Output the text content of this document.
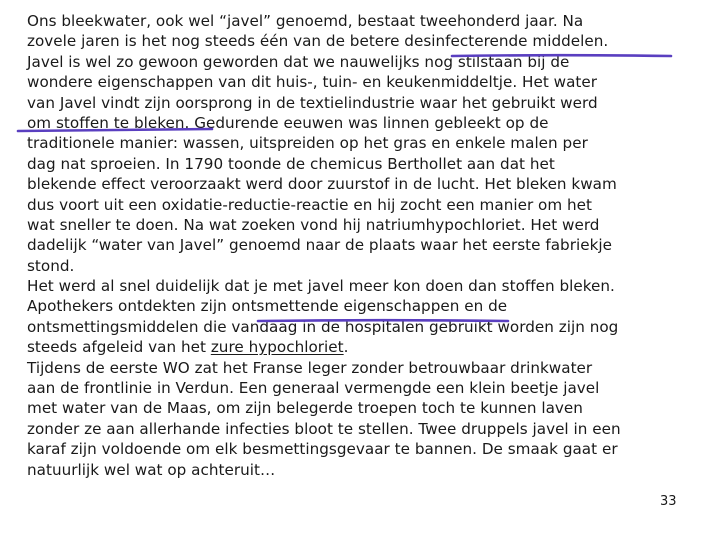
Ons bleekwater, ook wel “javel” genoemd, bestaat tweehonderd jaar. Na
zovele jaren is het nog steeds één van de betere desinfecterende middelen.
Javel is wel zo gewoon geworden dat we nauwelijks nog stilstaan bij de
wondere eigenschappen van dit huis-, tuin- en keukenmiddeltje. Het water
van Javel vindt zijn oorsprong in de textielindustrie waar het gebruikt werd
om stoffen te bleken. Gedurende eeuwen was linnen gebleekt op de
traditionele manier: wassen, uitspreiden op het gras en enkele malen per
dag nat sproeien. In 1790 toonde de chemicus Berthollet aan dat het
blekende effect veroorzaakt werd door zuurstof in de lucht. Het bleken kwam
dus voort uit een oxidatie-reductie-reactie en hij zocht een manier om het
wat sneller te doen. Na wat zoeken vond hij natriumhypochloriet. Het werd
dadelijk “water van Javel” genoemd naar de plaats waar het eerste fabriekje
stond.
Het werd al snel duidelijk dat je met javel meer kon doen dan stoffen bleken.
Apothekers ontdekten zijn ontsmettende eigenschappen en de
ontsmettingsmiddelen die vandaag in de hospitalen gebruikt worden zijn nog
steeds afgeleid van het zure hypochloriet.
Tijdens de eerste WO zat het Franse leger zonder betrouwbaar drinkwater
aan de frontlinie in Verdun. Een generaal vermengde een klein beetje javel
met water van de Maas, om zijn belegerde troepen toch te kunnen laven
zonder ze aan allerhande infecties bloot te stellen. Twee druppels javel in een
karaf zijn voldoende om elk besmettingsgevaar te bannen. De smaak gaat er
natuurlijk wel wat op achteruit…
33
